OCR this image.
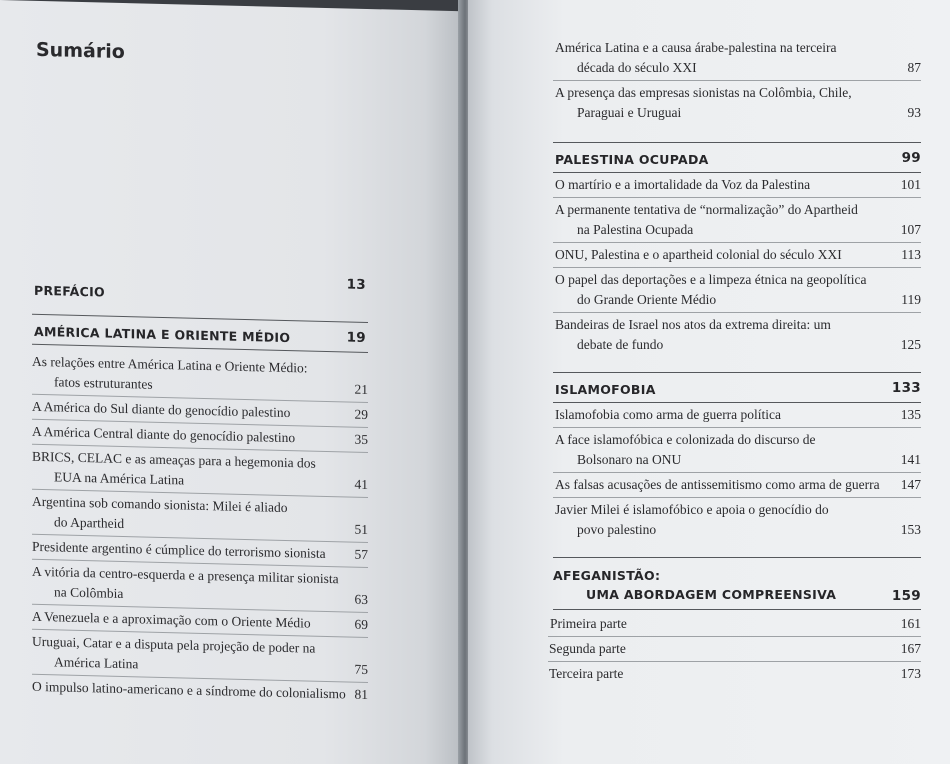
Sumário
PREFÁCIO	13
AMÉRICA LATINA E ORIENTE MÉDIO	19
As relações entre América Latina e Oriente Médio:
fatos estruturantes	21
A América do Sul diante do genocídio palestino	29
A América Central diante do genocídio palestino	35
BRICS, CELAC e as ameaças para a hegemonia dos
EUA na América Latina	41
Argentina sob comando sionista: Milei é aliado
do Apartheid	51
Presidente argentino é cúmplice do terrorismo sionista 57
A vitória da centro-esquerda e a presença militar sionista
na Colômbia	63
A Venezuela e a aproximação com o Oriente Médio	69
Uruguai, Catar e a disputa pela projeção de poder na
América Latina	75
O impulso latino-americano e a síndrome do colonialismo 81
América Latina e a causa árabe-palestina na terceira
década do século XXI	87
A presença das empresas sionistas na Colômbia, Chile,
Paraguai e Uruguai	93
PALESTINA OCUPADA	99
O martírio e a imortalidade da Voz da Palestina	101
A permanente tentativa de “normalização” do Apartheid
na Palestina Ocupada	107
ONU, Palestina e o apartheid colonial do século XXI	113
O papel das deportações e a limpeza étnica na geopolítica
do Grande Oriente Médio	119
Bandeiras de Israel nos atos da extrema direita: um
debate de fundo	125
ISLAMOFOBIA	133
Islamofobia como arma de guerra política	135
A face islamofóbica e colonizada do discurso de
Bolsonaro na ONU	141
As falsas acusações de antissemitismo como arma de guerra 147
Javier Milei é islamofóbico e apoia o genocídio do
povo palestino	153
AFEGANISTÃO:
UMA ABORDAGEM COMPREENSIVA	159
Primeira parte	161
Segunda parte	167
Terceira parte	173
